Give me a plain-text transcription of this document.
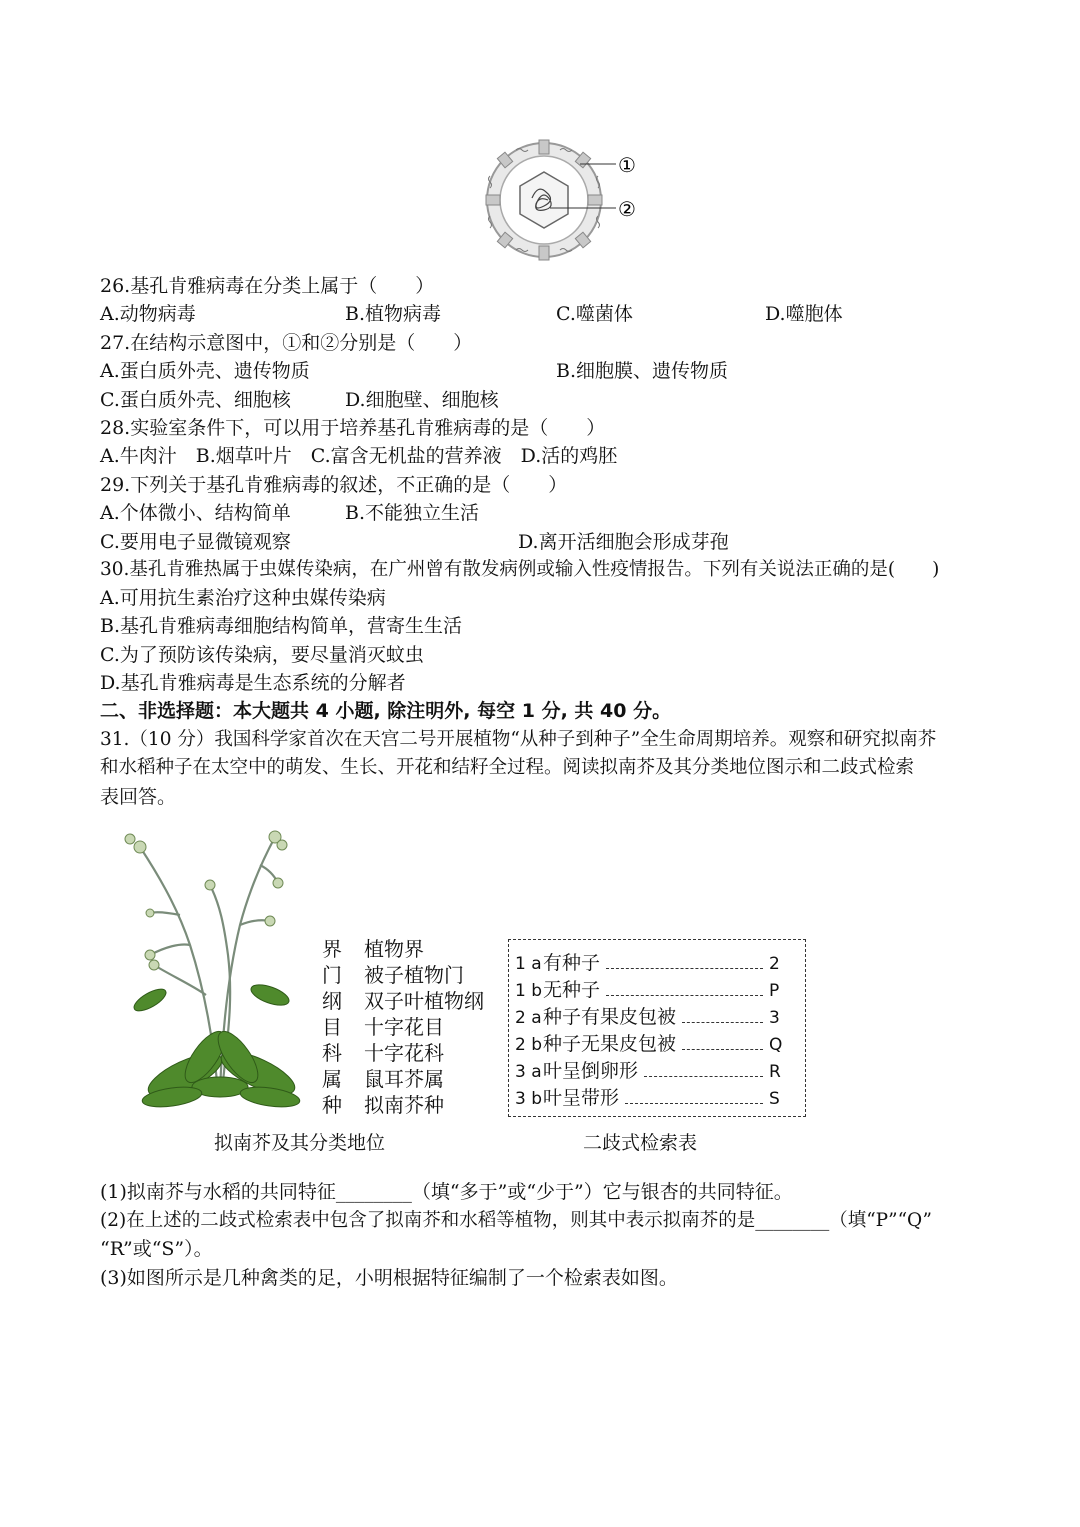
①
②
26.基孔肯雅病毒在分类上属于（　　）
A.动物病毒	B.植物病毒	C.噬菌体	D.噬胞体
27.在结构示意图中，①和②分别是（　　）
A.蛋白质外壳、遗传物质	B.细胞膜、遗传物质
C.蛋白质外壳、细胞核	D.细胞壁、细胞核
28.实验室条件下，可以用于培养基孔肯雅病毒的是（　　）
A.牛肉汁　B.烟草叶片　C.富含无机盐的营养液　D.活的鸡胚
29.下列关于基孔肯雅病毒的叙述，不正确的是（　　）
A.个体微小、结构简单	B.不能独立生活
C.要用电子显微镜观察	D.离开活细胞会形成芽孢
30.基孔肯雅热属于虫媒传染病，在广州曾有散发病例或输入性疫情报告。下列有关说法正确的是(　　)
A.可用抗生素治疗这种虫媒传染病
B.基孔肯雅病毒细胞结构简单，营寄生生活
C.为了预防该传染病，要尽量消灭蚊虫
D.基孔肯雅病毒是生态系统的分解者
二、非选择题：本大题共 4 小题, 除注明外, 每空 1 分, 共 40 分。
31.（10 分）我国科学家首次在天宫二号开展植物“从种子到种子”全生命周期培养。观察和研究拟南芥
和水稻种子在太空中的萌发、生长、开花和结籽全过程。阅读拟南芥及其分类地位图示和二歧式检索
表回答。
界 植物界
门 被子植物门
纲 双子叶植物纲
目 十字花目
科 十字花科
属 鼠耳芥属
种 拟南芥种
1 a 有种子	2
1 b 无种子	P
2 a 种子有果皮包被	3
2 b 种子无果皮包被	Q
3 a 叶呈倒卵形	R
3 b 叶呈带形	S
拟南芥及其分类地位	二歧式检索表
(1)拟南芥与水稻的共同特征________（填“多于”或“少于”）它与银杏的共同特征。
(2)在上述的二歧式检索表中包含了拟南芥和水稻等植物，则其中表示拟南芥的是________（填“P”“Q”
“R”或“S”）。
(3)如图所示是几种禽类的足，小明根据特征编制了一个检索表如图。
